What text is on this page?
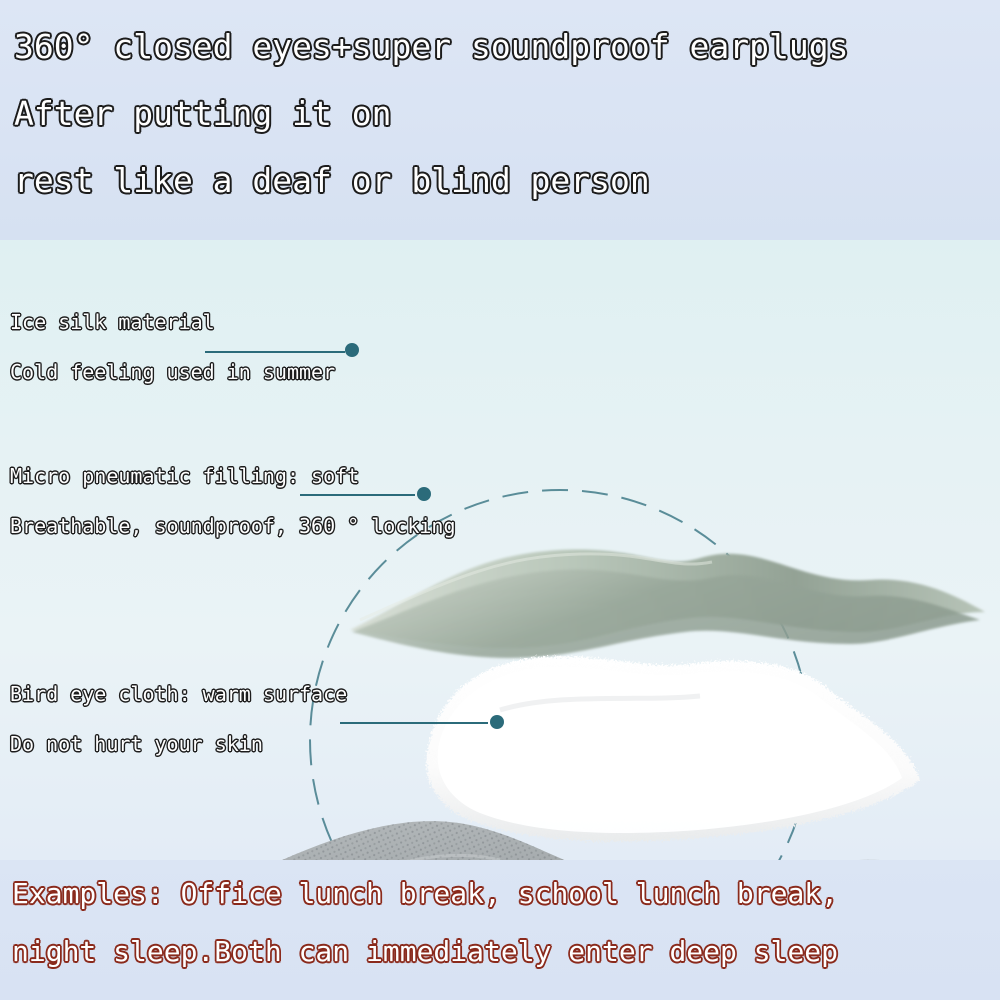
360° closed eyes+super soundproof earplugs
After putting it on
rest like a deaf or blind person
Ice silk material
Cold feeling used in summer
Micro pneumatic filling: soft
Breathable, soundproof, 360 ° locking
Bird eye cloth: warm surface
Do not hurt your skin
Examples: Office lunch break, school lunch break,
night sleep.Both can immediately enter deep sleep
